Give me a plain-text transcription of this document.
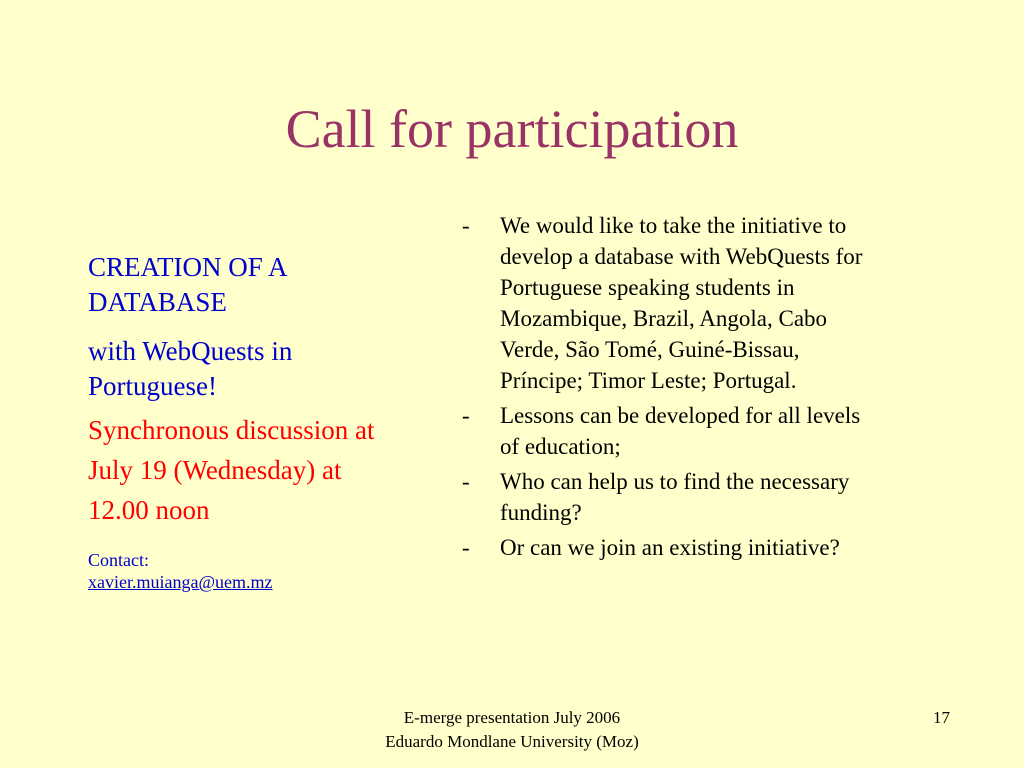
Call for participation

CREATION OF A DATABASE

with WebQuests in Portuguese!

Synchronous discussion at July 19 (Wednesday) at 12.00 noon

Contact:

xavier.muianga@uem.mz
-	We would like to take the initiative to develop a database with WebQuests for Portuguese speaking students in Mozambique, Brazil, Angola, Cabo Verde, São Tomé, Guiné-Bissau, Príncipe; Timor Leste; Portugal.
-	Lessons can be developed for all levels of education;
-	Who can help us to find the necessary funding?
-	Or can we join an existing initiative?
E-merge presentation July 2006
Eduardo Mondlane University (Moz)
17
